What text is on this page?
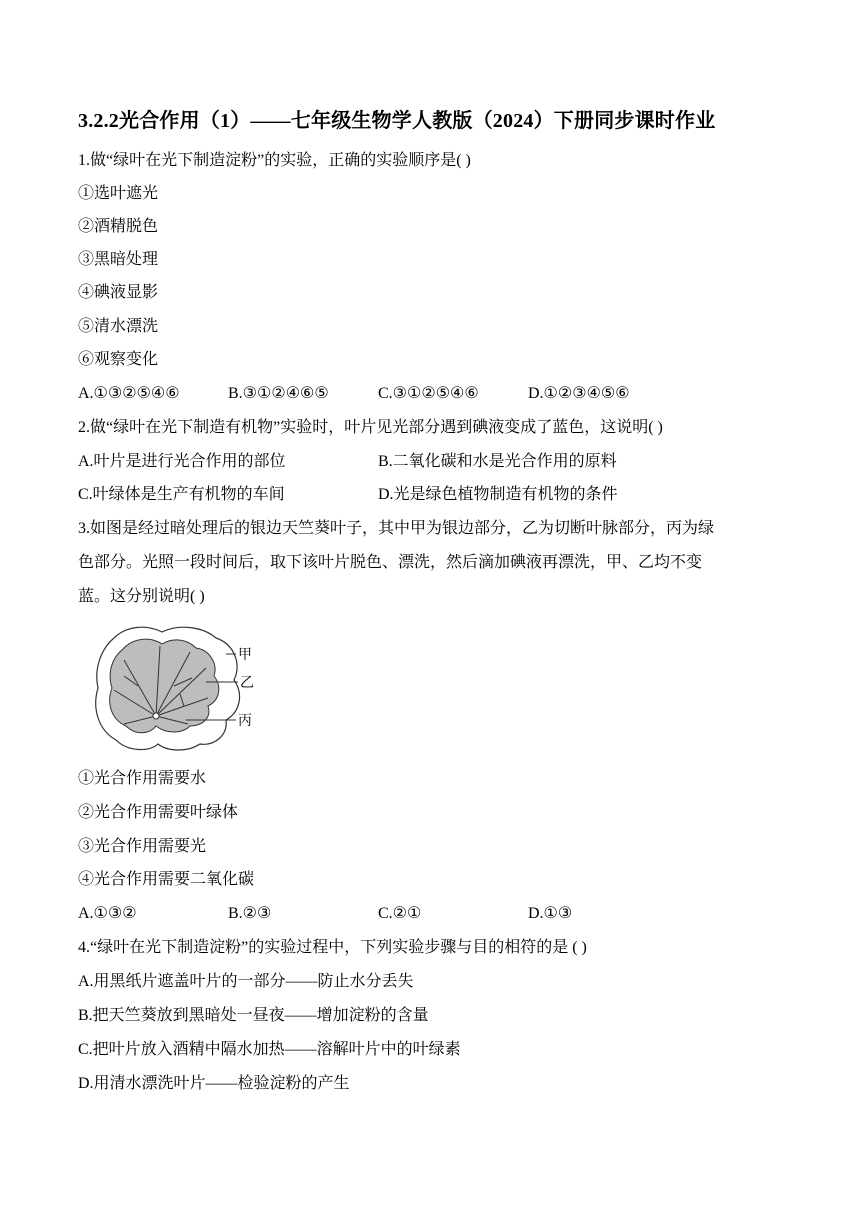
3.2.2光合作用（1）——七年级生物学人教版（2024）下册同步课时作业
1.做“绿叶在光下制造淀粉”的实验，正确的实验顺序是( )
①选叶遮光
②酒精脱色
③黑暗处理
④碘液显影
⑤清水漂洗
⑥观察变化
A.①③②⑤④⑥	B.③①②④⑥⑤	C.③①②⑤④⑥	D.①②③④⑤⑥
2.做“绿叶在光下制造有机物”实验时，叶片见光部分遇到碘液变成了蓝色，这说明( )
A.叶片是进行光合作用的部位	B.二氧化碳和水是光合作用的原料
C.叶绿体是生产有机物的车间	D.光是绿色植物制造有机物的条件
3.如图是经过暗处理后的银边天竺葵叶子，其中甲为银边部分，乙为切断叶脉部分，丙为绿
色部分。光照一段时间后，取下该叶片脱色、漂洗，然后滴加碘液再漂洗，甲、乙均不变
蓝。这分别说明( )
甲
乙
丙
①光合作用需要水
②光合作用需要叶绿体
③光合作用需要光
④光合作用需要二氧化碳
A.①③②	B.②③	C.②①	D.①③
4.“绿叶在光下制造淀粉”的实验过程中，下列实验步骤与目的相符的是 ( )
A.用黑纸片遮盖叶片的一部分——防止水分丢失
B.把天竺葵放到黑暗处一昼夜——增加淀粉的含量
C.把叶片放入酒精中隔水加热——溶解叶片中的叶绿素
D.用清水漂洗叶片——检验淀粉的产生
